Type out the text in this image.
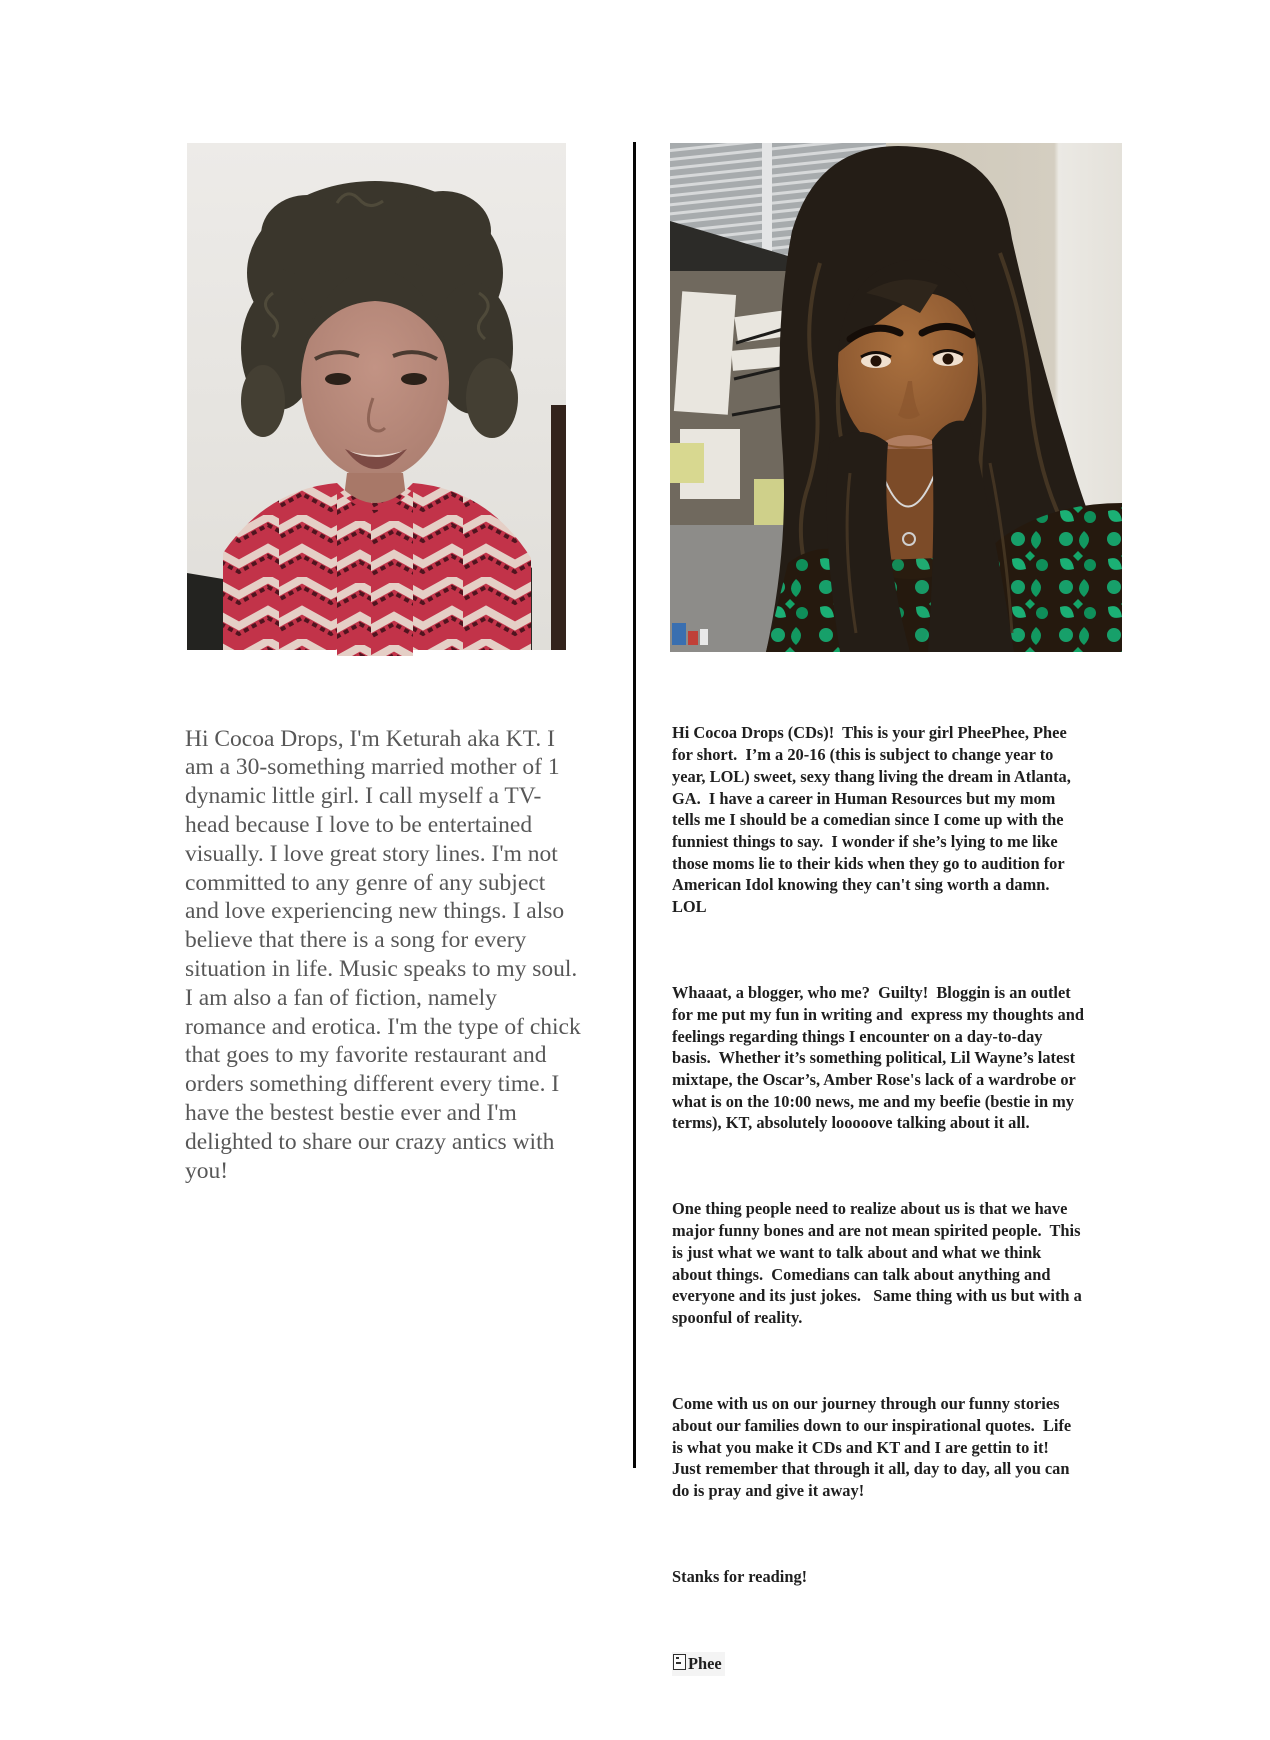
Hi Cocoa Drops, I'm Keturah aka KT. I am a 30-something married mother of 1 dynamic little girl. I call myself a TV-head because I love to be entertained visually. I love great story lines. I'm not committed to any genre of any subject and love experiencing new things. I also believe that there is a song for every situation in life. Music speaks to my soul. I am also a fan of fiction, namely romance and erotica. I'm the type of chick that goes to my favorite restaurant and orders something different every time. I have the bestest bestie ever and I'm delighted to share our crazy antics with you!

Hi Cocoa Drops (CDs)!  This is your girl PheePhee, Phee for short.  I’m a 20-16 (this is subject to change year to year, LOL) sweet, sexy thang living the dream in Atlanta, GA.  I have a career in Human Resources but my mom tells me I should be a comedian since I come up with the funniest things to say.  I wonder if she’s lying to me like those moms lie to their kids when they go to audition for American Idol knowing they can't sing worth a damn.  LOL

Whaaat, a blogger, who me?  Guilty!  Bloggin is an outlet for me put my fun in writing and  express my thoughts and feelings regarding things I encounter on a day-to-day basis.  Whether it’s something political, Lil Wayne’s latest mixtape, the Oscar’s, Amber Rose's lack of a wardrobe or what is on the 10:00 news, me and my beefie (bestie in my terms), KT, absolutely looooove talking about it all.

One thing people need to realize about us is that we have major funny bones and are not mean spirited people.  This is just what we want to talk about and what we think about things.  Comedians can talk about anything and everyone and its just jokes.   Same thing with us but with a spoonful of reality.

Come with us on our journey through our funny stories about our families down to our inspirational quotes.  Life is what you make it CDs and KT and I are gettin to it!  Just remember that through it all, day to day, all you can do is pray and give it away!

Stanks for reading!

Phee
